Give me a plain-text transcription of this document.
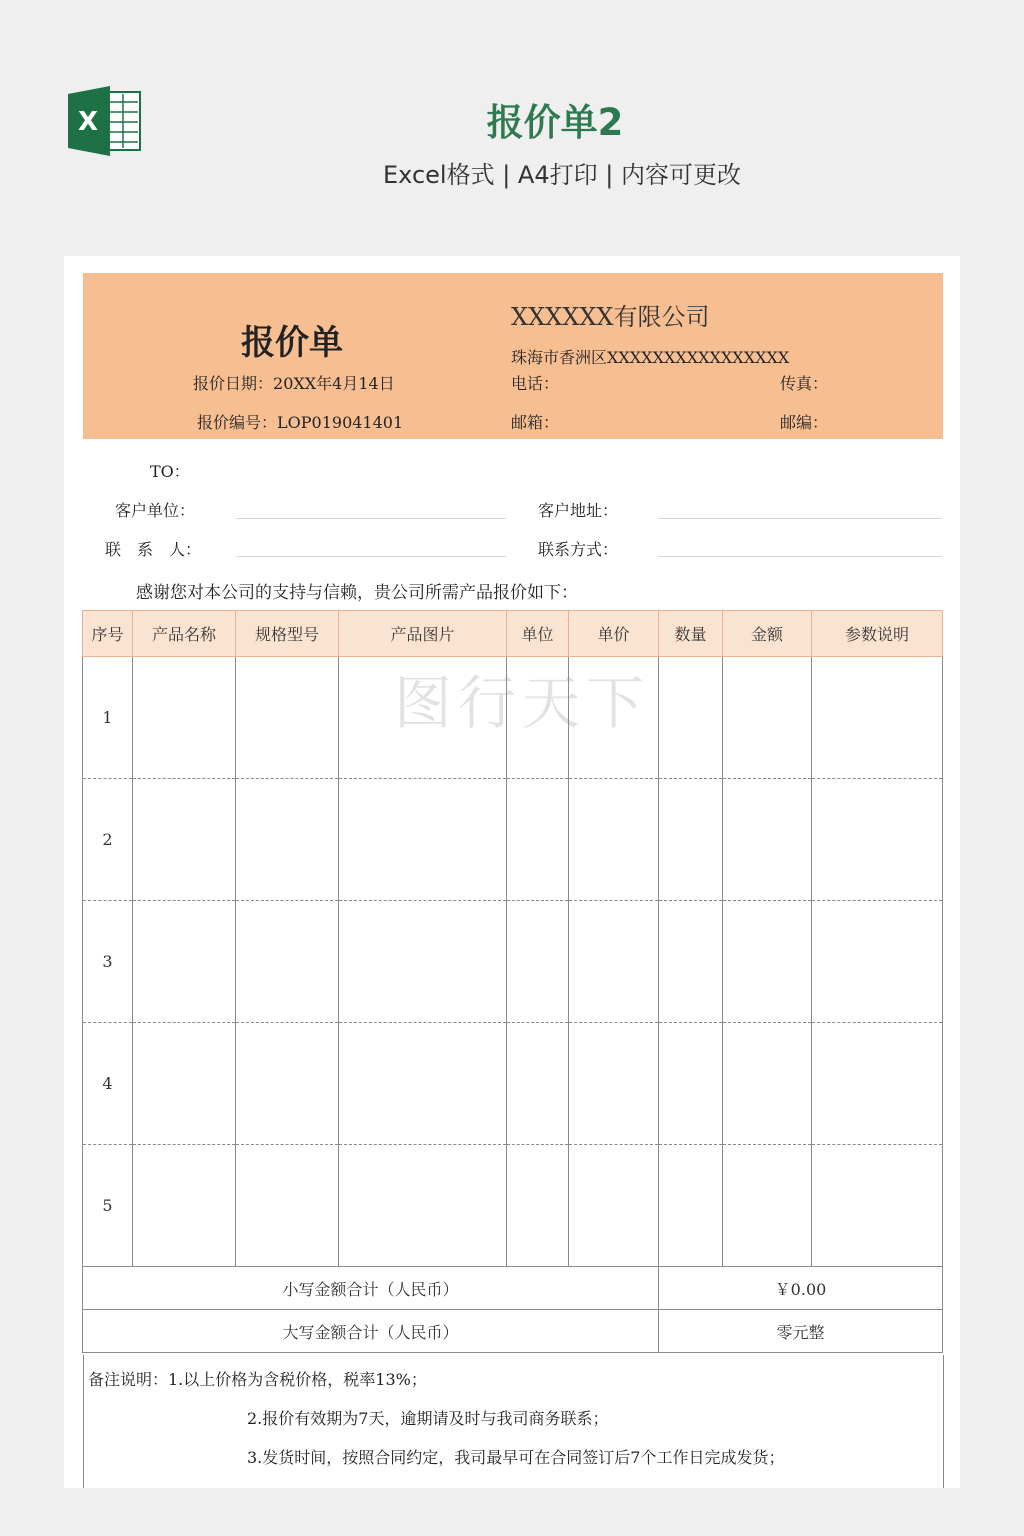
X	报价单2
Excel格式 | A4打印 | 内容可更改
图行天下
报价单
XXXXXX有限公司
珠海市香洲区XXXXXXXXXXXXXXXX
报价日期：20XX年4月14日
报价编号：LOP019041401
电话：	传真：
邮箱：	邮编：
TO：
客户单位：	客户地址：
联　系　人：	联系方式：
感谢您对本公司的支持与信赖，贵公司所需产品报价如下：
序号	产品名称	规格型号	产品图片	单位	单价	数量	金额	参数说明
1								
2								
3								
4								
5								
小写金额合计（人民币）						￥0.00		
大写金额合计（人民币）						零元整		
备注说明：1.以上价格为含税价格，税率13%；
2.报价有效期为7天，逾期请及时与我司商务联系；
3.发货时间，按照合同约定，我司最早可在合同签订后7个工作日完成发货；
